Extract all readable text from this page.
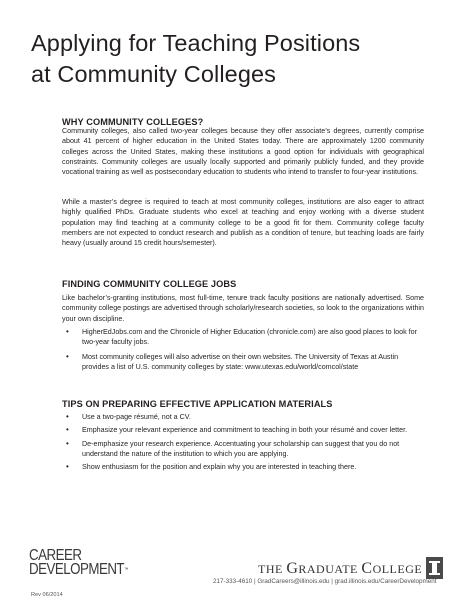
Applying for Teaching Positions
at Community Colleges
WHY COMMUNITY COLLEGES?

Community colleges, also called two-year colleges because they offer associate’s degrees, currently comprise about 41 percent of higher education in the United States today. There are approximately 1200 community colleges across the United States, making these institutions a good option for individuals with geographical constraints. Community colleges are usually locally supported and primarily publicly funded, and they provide vocational training as well as postsecondary education to students who intend to transfer to four-year institutions.

While a master’s degree is required to teach at most community colleges, institutions are also eager to attract highly qualified PhDs. Graduate students who excel at teaching and enjoy working with a diverse student population may find teaching at a community college to be a good fit for them. Community college faculty members are not expected to conduct research and publish as a condition of tenure, but teaching loads are fairly heavy (usually around 15 credit hours/semester).

FINDING COMMUNITY COLLEGE JOBS

Like bachelor’s-granting institutions, most full-time, tenure track faculty positions are nationally advertised. Some community college postings are advertised through scholarly/research societies, so look to the organizations within your own discipline.

• HigherEdJobs.com and the Chronicle of Higher Education (chronicle.com) are also good places to look for two-year faculty jobs.
• Most community colleges will also advertise on their own websites. The University of Texas at Austin provides a list of U.S. community colleges by state: www.utexas.edu/world/comcol/state
TIPS ON PREPARING EFFECTIVE APPLICATION MATERIALS
• Use a two-page résumé, not a CV.
• Emphasize your relevant experience and commitment to teaching in both your résumé and cover letter.
• De-emphasize your research experience. Accentuating your scholarship can suggest that you do not understand the nature of the institution to which you are applying.
• Show enthusiasm for the position and explain why you are interested in teaching there.
CAREER
DEVELOPMENT™	THE GRADUATE COLLEGE
217-333-4610 | GradCareers@illinois.edu | grad.illinois.edu/CareerDevelopment
Rev 06/2014
